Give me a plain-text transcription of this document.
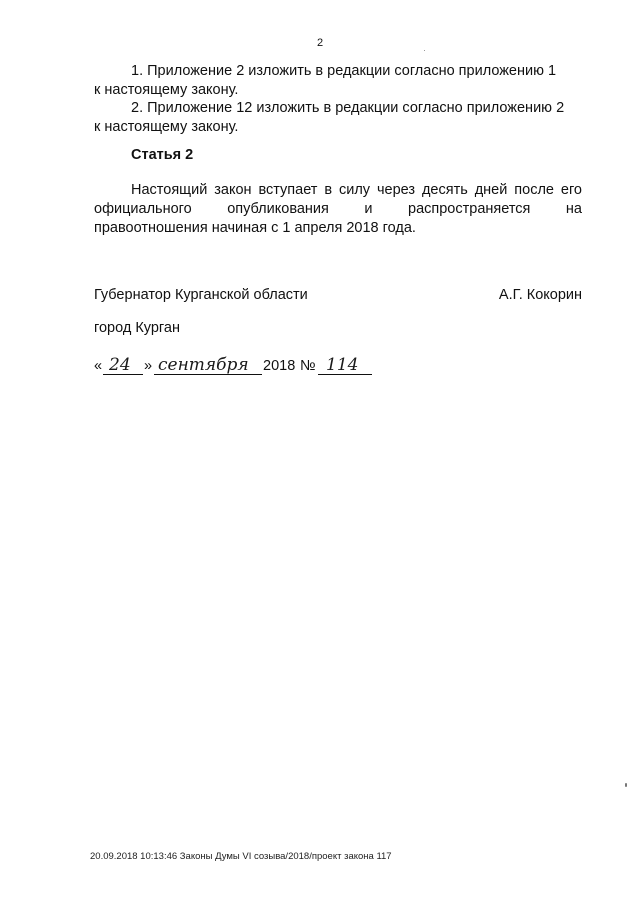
2

1. Приложение 2 изложить в редакции согласно приложению 1
к настоящему закону.

2. Приложение 12 изложить в редакции согласно приложению 2
к настоящему закону.

Статья 2

Настоящий закон вступает в силу через десять дней после его
официального опубликования и распространяется на
правоотношения начиная с 1 апреля 2018 года.

Губернатор Курганской области	А.Г. Кокорин
город Курган
« 24 » сентября 2018 № 114
20.09.2018 10:13:46 Законы Думы VI созыва/2018/проект закона 117
